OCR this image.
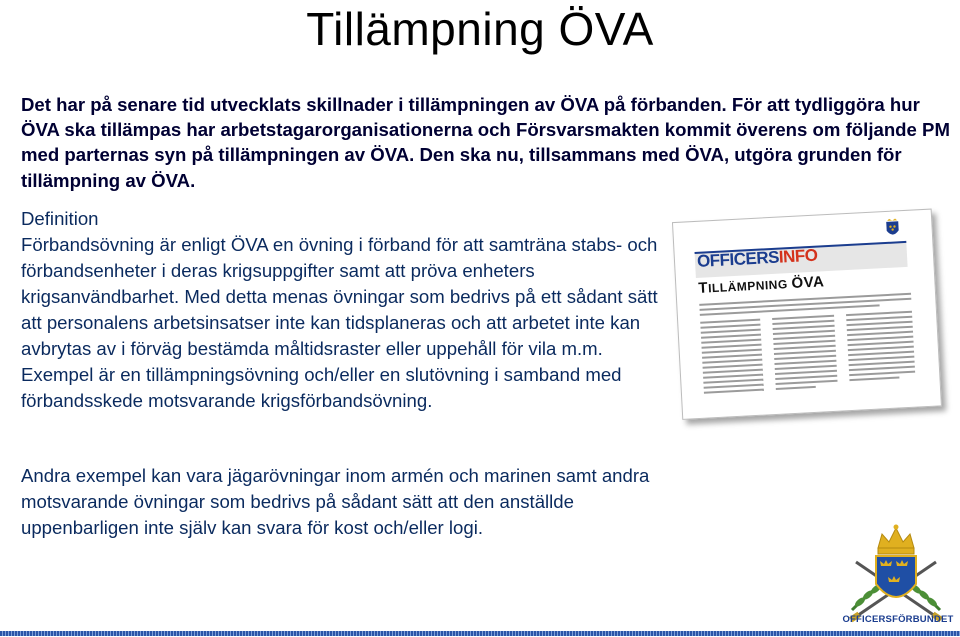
Tillämpning ÖVA
Det har på senare tid utvecklats skillnader i tillämpningen av ÖVA på förbanden. För att tydliggöra hur ÖVA ska tillämpas har arbetstagarorganisationerna och Försvarsmakten kommit överens om följande PM med parternas syn på tillämpningen av ÖVA. Den ska nu, tillsammans med ÖVA, utgöra grunden för tillämpning av ÖVA.
Definition
Förbandsövning är enligt ÖVA en övning i förband för att samträna stabs- och förbandsenheter i deras krigsuppgifter samt att pröva enheters krigsanvändbarhet. Med detta menas övningar som bedrivs på ett sådant sätt att personalens arbetsinsatser inte kan tidsplaneras och att arbetet inte kan avbrytas av i förväg bestämda måltidsraster eller uppehåll för vila m.m. Exempel är en tillämpningsövning och/eller en slutövning i samband med förbandsskede motsvarande krigsförbandsövning.
Andra exempel kan vara jägarövningar inom armén och marinen samt andra motsvarande övningar som bedrivs på sådant sätt att den anställde uppenbarligen inte själv kan svara för kost och/eller logi.
OFFICERSINFO
TILLÄMPNING ÖVA
OFFICERSFÖRBUNDET
